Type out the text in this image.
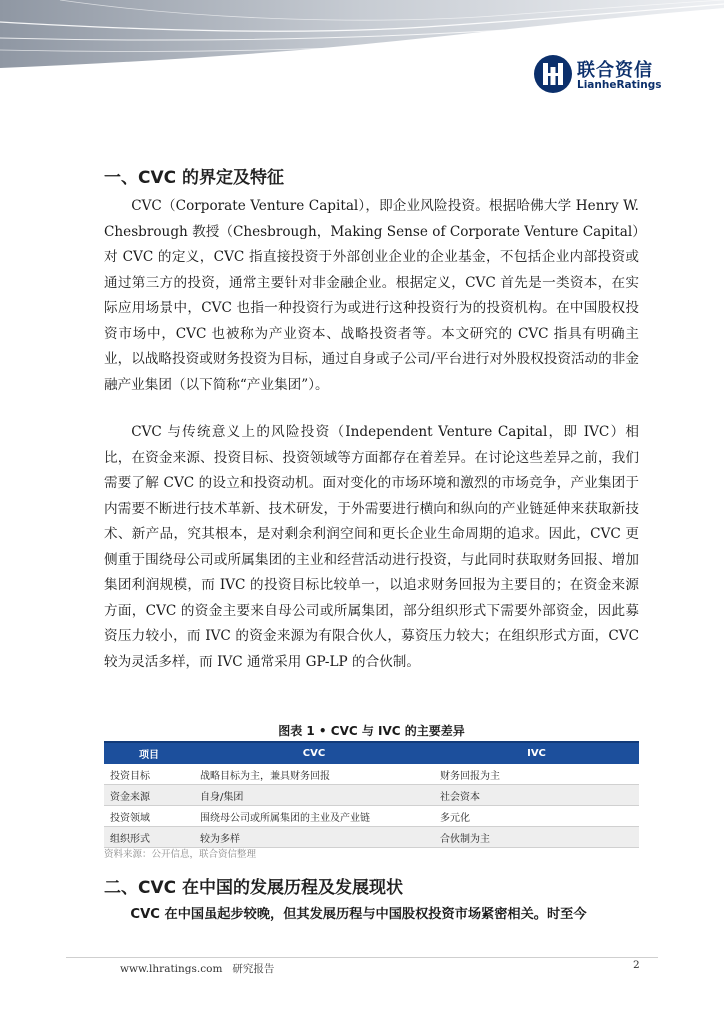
联合资信
LianheRatings
一、CVC 的界定及特征

CVC（Corporate Venture Capital），即企业风险投资。根据哈佛大学 Henry W. Chesbrough 教授（Chesbrough，Making Sense of Corporate Venture Capital）对 CVC 的定义，CVC 指直接投资于外部创业企业的企业基金，不包括企业内部投资或通过第三方的投资，通常主要针对非金融企业。根据定义，CVC 首先是一类资本，在实际应用场景中，CVC 也指一种投资行为或进行这种投资行为的投资机构。在中国股权投资市场中，CVC 也被称为产业资本、战略投资者等。本文研究的 CVC 指具有明确主业，以战略投资或财务投资为目标，通过自身或子公司/平台进行对外股权投资活动的非金融产业集团（以下简称“产业集团”）。

CVC 与传统意义上的风险投资（Independent Venture Capital，即 IVC）相比，在资金来源、投资目标、投资领域等方面都存在着差异。在讨论这些差异之前，我们需要了解 CVC 的设立和投资动机。面对变化的市场环境和激烈的市场竞争，产业集团于内需要不断进行技术革新、技术研发，于外需要进行横向和纵向的产业链延伸来获取新技术、新产品，究其根本，是对剩余利润空间和更长企业生命周期的追求。因此，CVC 更侧重于围绕母公司或所属集团的主业和经营活动进行投资，与此同时获取财务回报、增加集团利润规模，而 IVC 的投资目标比较单一，以追求财务回报为主要目的；在资金来源方面，CVC 的资金主要来自母公司或所属集团，部分组织形式下需要外部资金，因此募资压力较小，而 IVC 的资金来源为有限合伙人，募资压力较大；在组织形式方面，CVC 较为灵活多样，而 IVC 通常采用 GP-LP 的合伙制。

图表 1 • CVC 与 IVC 的主要差异
项目	CVC	IVC
投资目标	战略目标为主，兼具财务回报	财务回报为主
资金来源	自身/集团	社会资本
投资领域	围绕母公司或所属集团的主业及产业链	多元化
组织形式	较为多样	合伙制为主
资料来源：公开信息，联合资信整理
二、CVC 在中国的发展历程及发展现状

CVC 在中国虽起步较晚，但其发展历程与中国股权投资市场紧密相关。时至今

www.lhratings.com 研究报告	2
